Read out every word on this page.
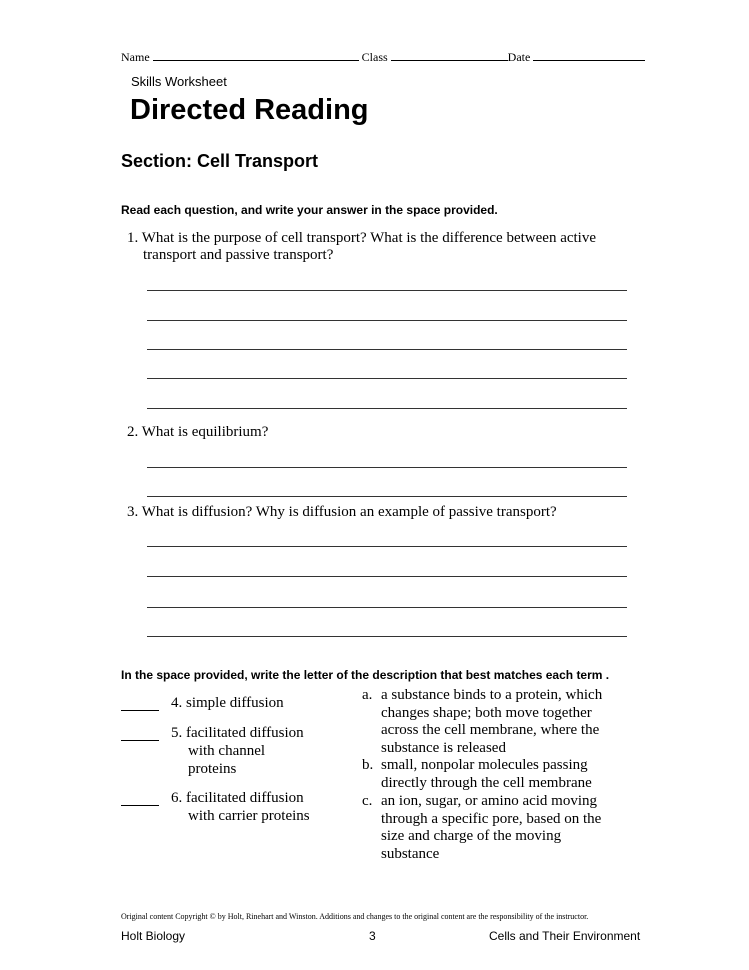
Name	Class	Date
Skills Worksheet
Directed Reading
Section: Cell Transport
Read each question, and write your answer in the space provided.
1. What is the purpose of cell transport? What is the difference between active
transport and passive transport?
2. What is equilibrium?
3. What is diffusion? Why is diffusion an example of passive transport?
In the space provided, write the letter of the description that best matches each term .
4. simple diffusion
5. facilitated diffusion
with channel
proteins
6. facilitated diffusion
with carrier proteins
a. a substance binds to a protein, which
changes shape; both move together
across the cell membrane, where the
substance is released
b. small, nonpolar molecules passing
directly through the cell membrane
c. an ion, sugar, or amino acid moving
through a specific pore, based on the
size and charge of the moving
substance
Original content Copyright © by Holt, Rinehart and Winston. Additions and changes to the original content are the responsibility of the instructor.
Holt Biology	3	Cells and Their Environment
